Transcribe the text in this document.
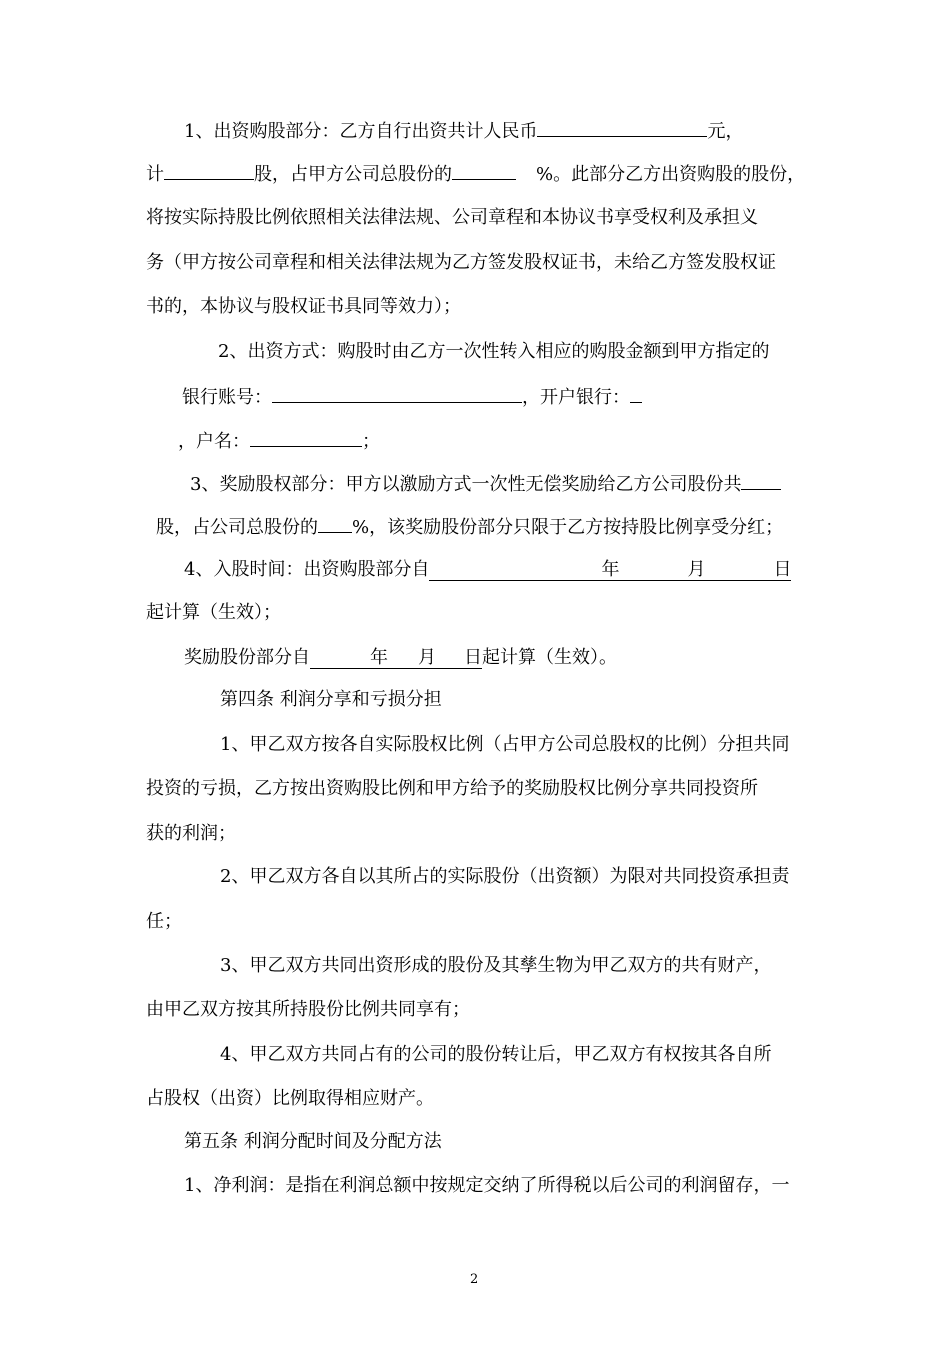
1、出资购股部分：乙方自行出资共计人民币	元，
计	股，占甲方公司总股份的	%。此部分乙方出资购股的股份，
将按实际持股比例依照相关法律法规、公司章程和本协议书享受权利及承担义
务（甲方按公司章程和相关法律法规为乙方签发股权证书，未给乙方签发股权证
书的，本协议与股权证书具同等效力）；
2、出资方式：购股时由乙方一次性转入相应的购股金额到甲方指定的
银行账号：	，开户银行：
，户名：	；
3、奖励股权部分：甲方以激励方式一次性无偿奖励给乙方公司股份共
股，占公司总股份的 %，该奖励股份部分只限于乙方按持股比例享受分红；
4、入股时间：出资购股部分自	年	月	日
起计算（生效）；
奖励股份部分自	年 月 日起计算（生效）。
第四条 利润分享和亏损分担
1、甲乙双方按各自实际股权比例（占甲方公司总股权的比例）分担共同
投资的亏损，乙方按出资购股比例和甲方给予的奖励股权比例分享共同投资所
获的利润；
2、甲乙双方各自以其所占的实际股份（出资额）为限对共同投资承担责
任；
3、甲乙双方共同出资形成的股份及其孳生物为甲乙双方的共有财产，
由甲乙双方按其所持股份比例共同享有；
4、甲乙双方共同占有的公司的股份转让后，甲乙双方有权按其各自所
占股权（出资）比例取得相应财产。
第五条 利润分配时间及分配方法
1、净利润：是指在利润总额中按规定交纳了所得税以后公司的利润留存，一
2
